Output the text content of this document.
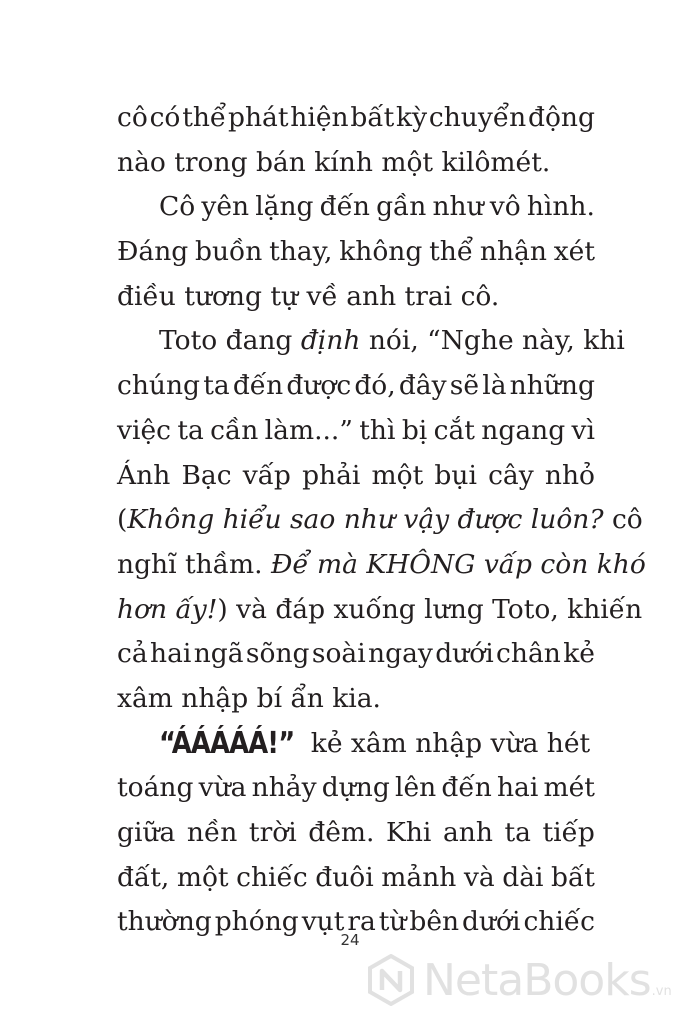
cô có thể phát hiện bất kỳ chuyển động
nào trong bán kính một kilômét.
Cô yên lặng đến gần như vô hình.
Đáng buồn thay, không thể nhận xét
điều tương tự về anh trai cô.
Toto đang định nói, “Nghe này, khi
chúng ta đến được đó, đây sẽ là những
việc ta cần làm...” thì bị cắt ngang vì
Ánh Bạc vấp phải một bụi cây nhỏ
( Không hiểu sao như vậy được luôn? cô
nghĩ thầm. Để mà KHÔNG vấp còn khó
hơn ấy! ) và đáp xuống lưng Toto, khiến
cả hai ngã sõng soài ngay dưới chân kẻ
xâm nhập bí ẩn kia.
“ÁÁÁÁÁ!” kẻ xâm nhập vừa hét
toáng vừa nhảy dựng lên đến hai mét
giữa nền trời đêm. Khi anh ta tiếp
đất, một chiếc đuôi mảnh và dài bất
thường phóng vụt ra từ bên dưới chiếc
24
NetaBooks .vn
